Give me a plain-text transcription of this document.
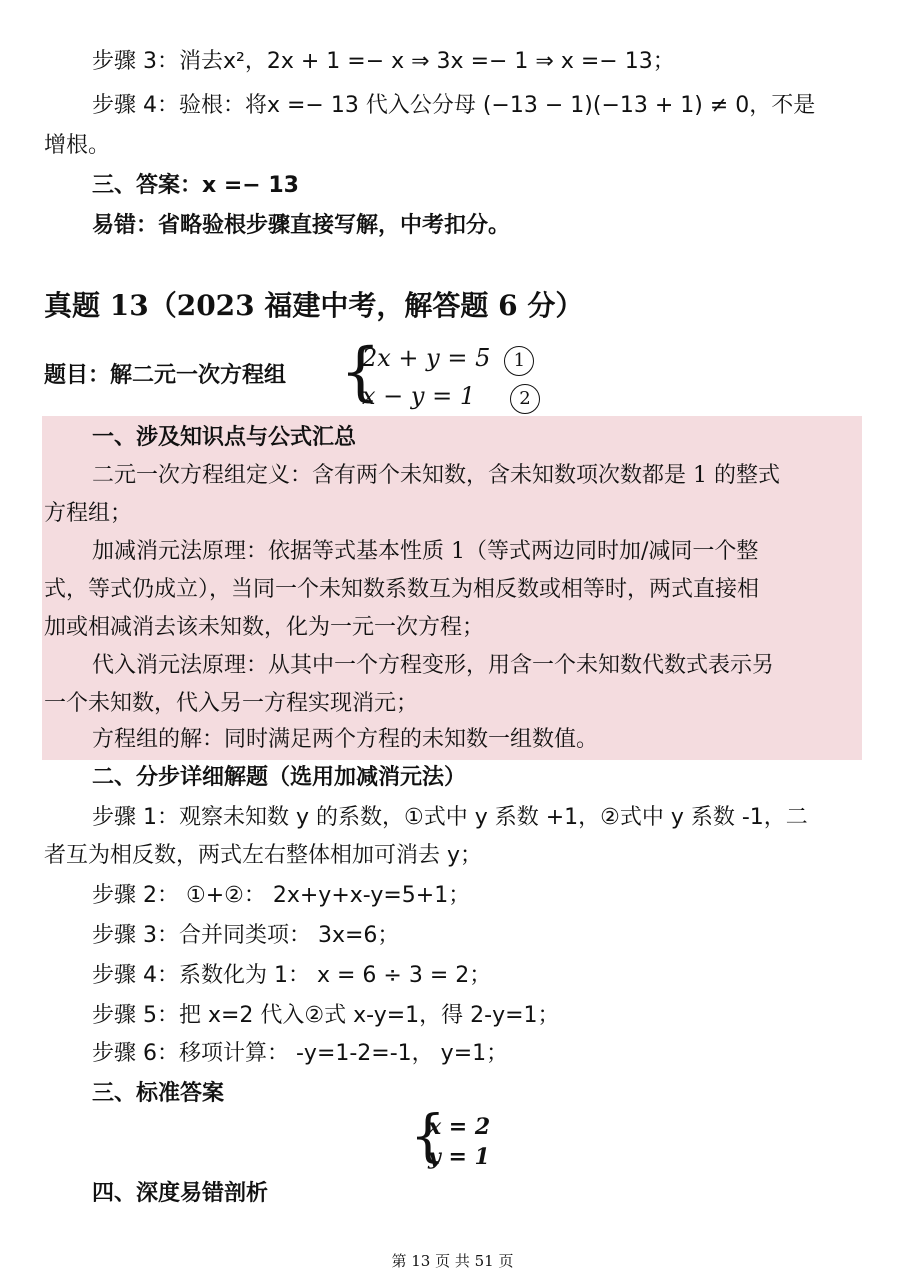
步骤 3：消去x²，2x + 1 =− x ⇒ 3x =− 1 ⇒ x =− 13；
步骤 4：验根：将x =− 13 代入公分母 (−13 − 1)(−13 + 1) ≠ 0，不是
增根。
三、答案：x =− 13
易错：省略验根步骤直接写解，中考扣分。
真题 13（2023 福建中考，解答题 6 分）
题目：解二元一次方程组 {
2x + y = 5 1
x − y = 1 2
一、涉及知识点与公式汇总
二元一次方程组定义：含有两个未知数，含未知数项次数都是 1 的整式
方程组；
加减消元法原理：依据等式基本性质 1（等式两边同时加/减同一个整
式，等式仍成立），当同一个未知数系数互为相反数或相等时，两式直接相
加或相减消去该未知数，化为一元一次方程；
代入消元法原理：从其中一个方程变形，用含一个未知数代数式表示另
一个未知数，代入另一方程实现消元；
方程组的解：同时满足两个方程的未知数一组数值。
二、分步详细解题（选用加减消元法）
步骤 1：观察未知数 y 的系数，①式中 y 系数 +1，②式中 y 系数 -1，二
者互为相反数，两式左右整体相加可消去 y；
步骤 2： ①+②： 2x+y+x-y=5+1；
步骤 3：合并同类项： 3x=6；
步骤 4：系数化为 1： x = 6 ÷ 3 = 2；
步骤 5：把 x=2 代入②式 x-y=1，得 2-y=1；
步骤 6：移项计算： -y=1-2=-1， y=1；
三、标准答案
{
x = 2
y = 1
四、深度易错剖析
第 13 页 共 51 页
